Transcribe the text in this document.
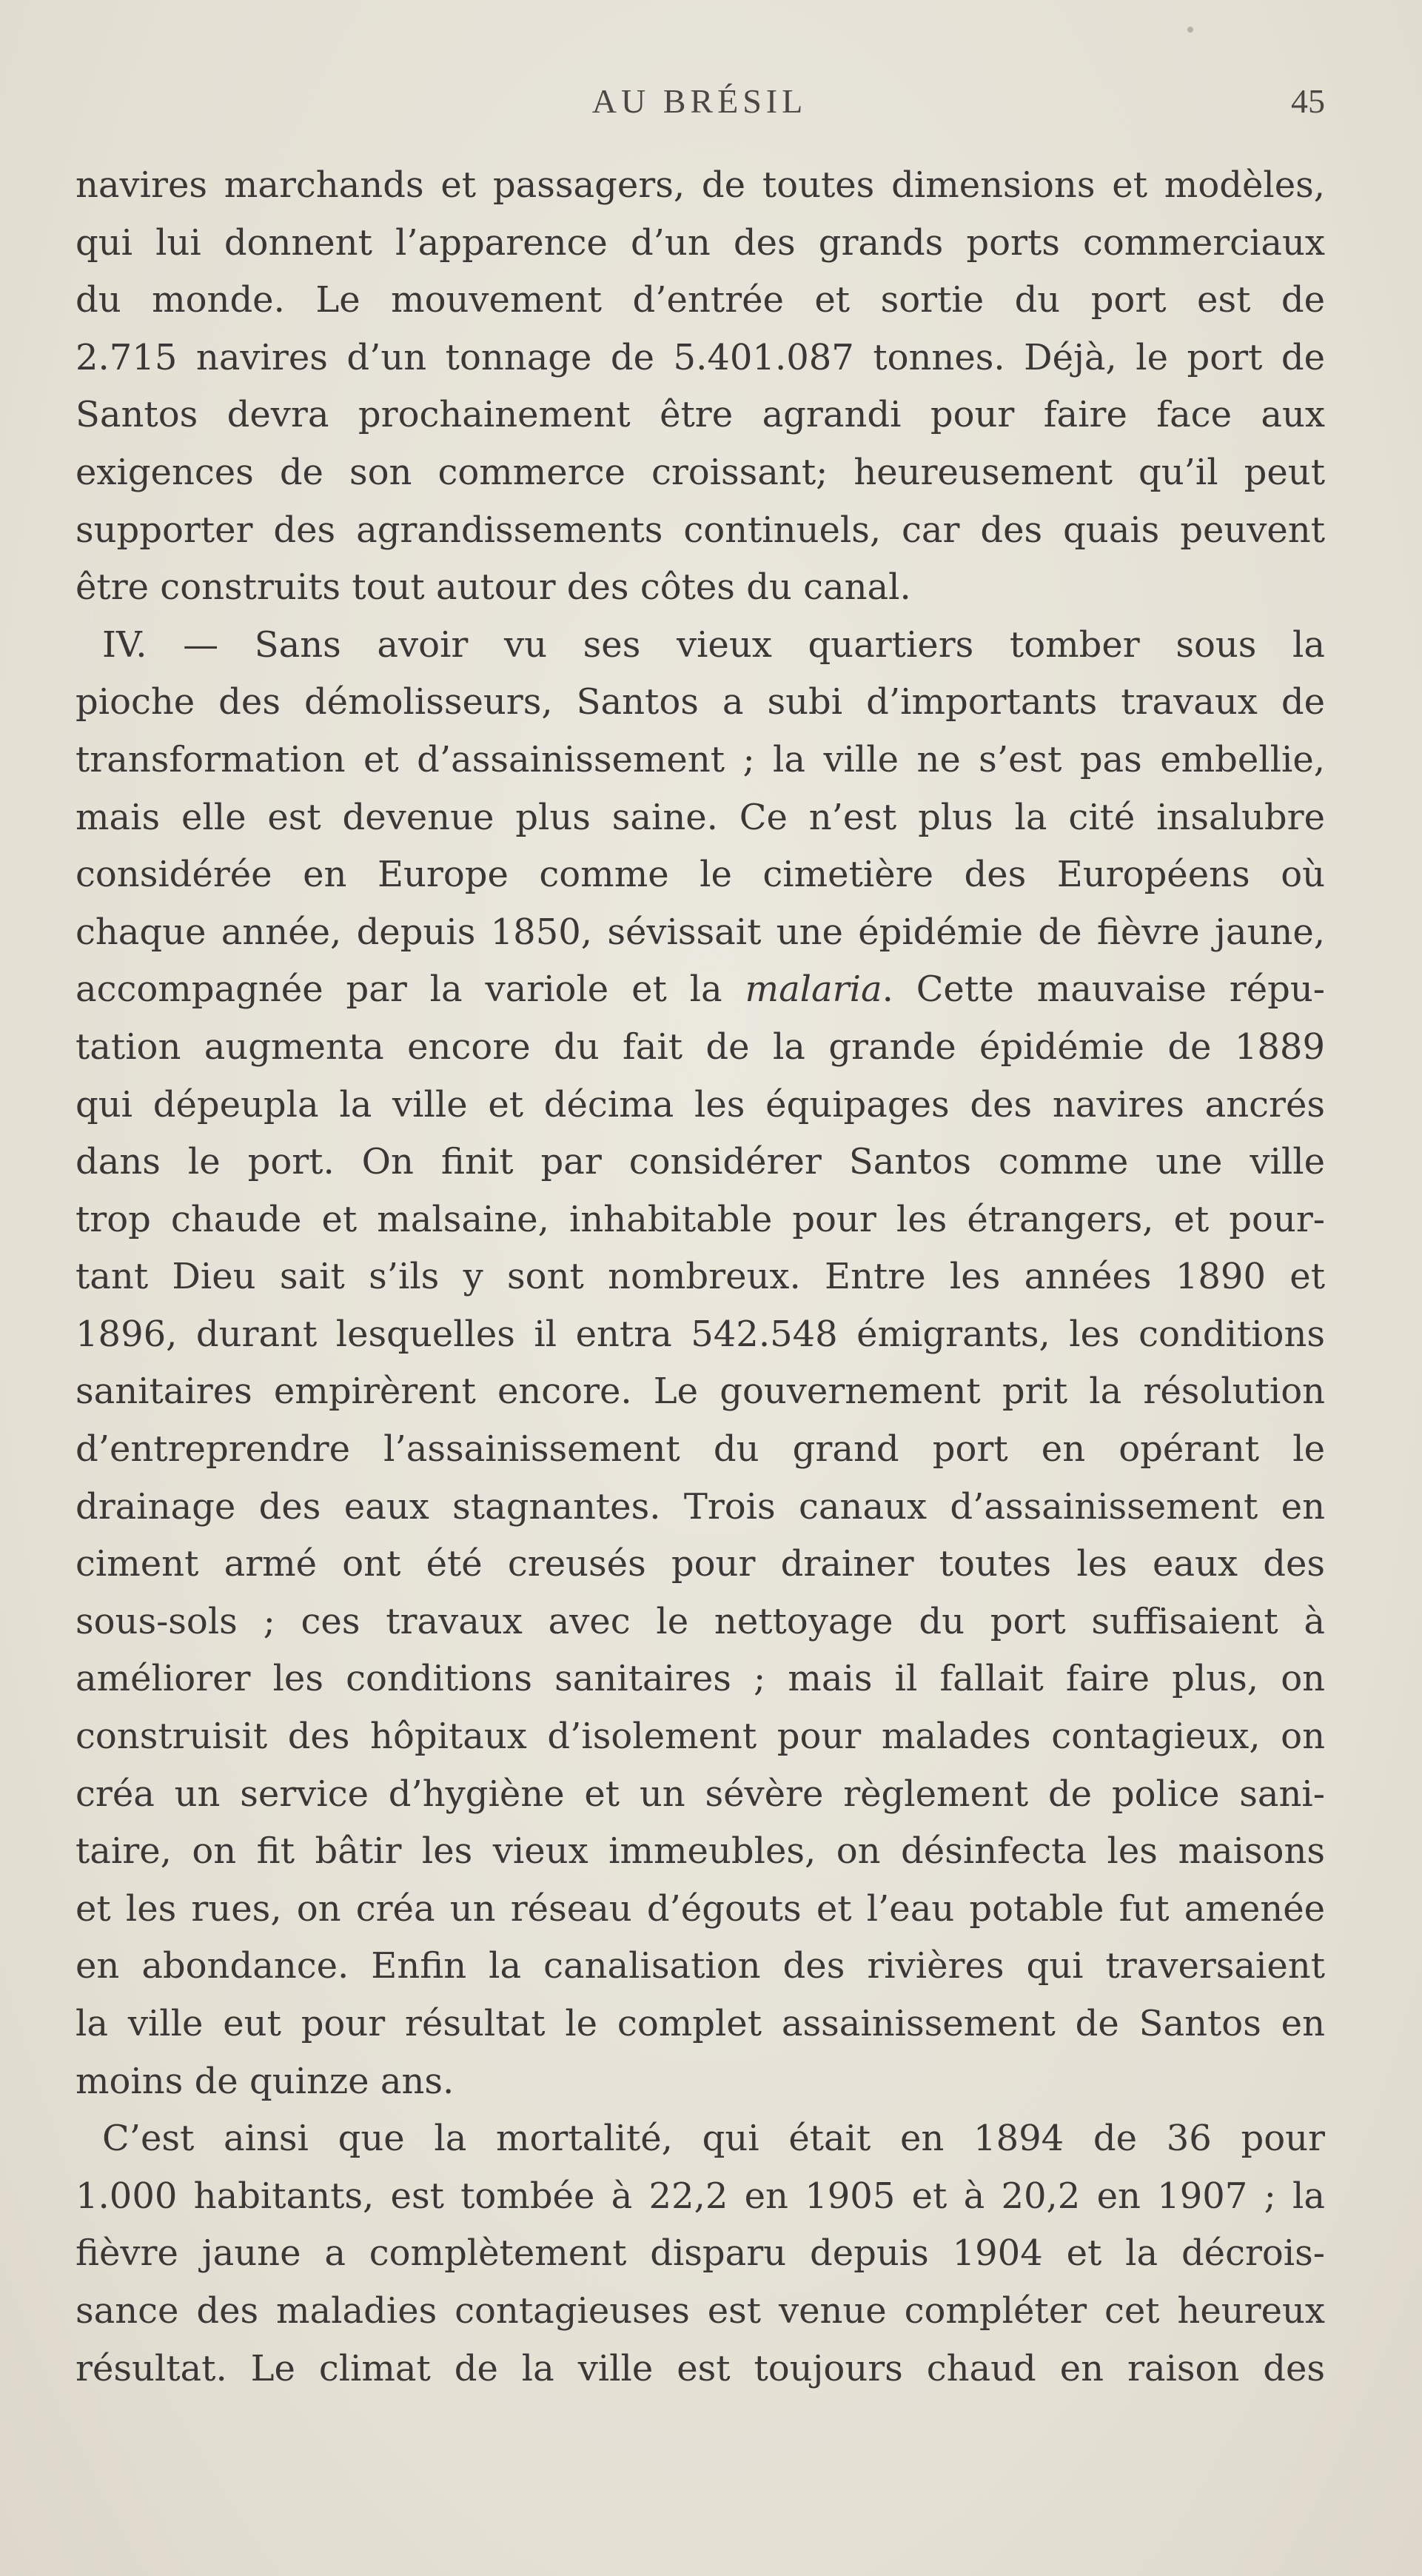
AU BRÉSIL	45
navires marchands et passagers, de toutes dimensions et modèles,
qui lui donnent l’apparence d’un des grands ports commerciaux
du monde. Le mouvement d’entrée et sortie du port est de
2.715 navires d’un tonnage de 5.401.087 tonnes. Déjà, le port de
Santos devra prochainement être agrandi pour faire face aux
exigences de son commerce croissant; heureusement qu’il peut
supporter des agrandissements continuels, car des quais peuvent
être construits tout autour des côtes du canal.
IV. — Sans avoir vu ses vieux quartiers tomber sous la
pioche des démolisseurs, Santos a subi d’importants travaux de
transformation et d’assainissement ; la ville ne s’est pas embellie,
mais elle est devenue plus saine. Ce n’est plus la cité insalubre
considérée en Europe comme le cimetière des Européens où
chaque année, depuis 1850, sévissait une épidémie de fièvre jaune,
accompagnée par la variole et la malaria. Cette mauvaise répu-
tation augmenta encore du fait de la grande épidémie de 1889
qui dépeupla la ville et décima les équipages des navires ancrés
dans le port. On finit par considérer Santos comme une ville
trop chaude et malsaine, inhabitable pour les étrangers, et pour-
tant Dieu sait s’ils y sont nombreux. Entre les années 1890 et
1896, durant lesquelles il entra 542.548 émigrants, les conditions
sanitaires empirèrent encore. Le gouvernement prit la résolution
d’entreprendre l’assainissement du grand port en opérant le
drainage des eaux stagnantes. Trois canaux d’assainissement en
ciment armé ont été creusés pour drainer toutes les eaux des
sous-sols ; ces travaux avec le nettoyage du port suffisaient à
améliorer les conditions sanitaires ; mais il fallait faire plus, on
construisit des hôpitaux d’isolement pour malades contagieux, on
créa un service d’hygiène et un sévère règlement de police sani-
taire, on fit bâtir les vieux immeubles, on désinfecta les maisons
et les rues, on créa un réseau d’égouts et l’eau potable fut amenée
en abondance. Enfin la canalisation des rivières qui traversaient
la ville eut pour résultat le complet assainissement de Santos en
moins de quinze ans.
C’est ainsi que la mortalité, qui était en 1894 de 36 pour
1.000 habitants, est tombée à 22,2 en 1905 et à 20,2 en 1907 ; la
fièvre jaune a complètement disparu depuis 1904 et la décrois-
sance des maladies contagieuses est venue compléter cet heureux
résultat. Le climat de la ville est toujours chaud en raison des
